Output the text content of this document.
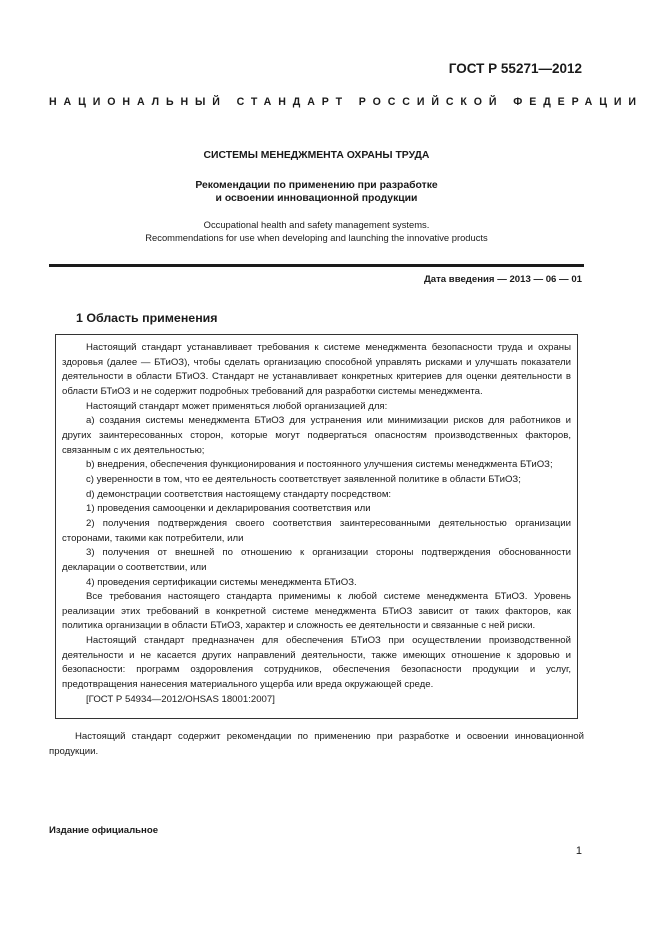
ГОСТ Р 55271—2012
НАЦИОНАЛЬНЫЙ СТАНДАРТ РОССИЙСКОЙ ФЕДЕРАЦИИ
СИСТЕМЫ МЕНЕДЖМЕНТА ОХРАНЫ ТРУДА
Рекомендации по применению при разработке
и освоении инновационной продукции
Occupational health and safety management systems.
Recommendations for use when developing and launching the innovative products
Дата введения — 2013 — 06 — 01
1 Область применения

Настоящий стандарт устанавливает требования к системе менеджмента безопасности труда и охраны здоровья (далее — БТиОЗ), чтобы сделать организацию способной управлять рисками и улучшать показатели деятельности в области БТиОЗ. Стандарт не устанавливает конкретных критериев для оценки деятельности в области БТиОЗ и не содержит подробных требований для разработки системы менеджмента.

Настоящий стандарт может применяться любой организацией для:

a) создания системы менеджмента БТиОЗ для устранения или минимизации рисков для работников и других заинтересованных сторон, которые могут подвергаться опасностям производственных факторов, связанным с их деятельностью;

b) внедрения, обеспечения функционирования и постоянного улучшения системы менеджмента БТиОЗ;

c) уверенности в том, что ее деятельность соответствует заявленной политике в области БТиОЗ;

d) демонстрации соответствия настоящему стандарту посредством:

1) проведения самооценки и декларирования соответствия или

2) получения подтверждения своего соответствия заинтересованными деятельностью организации сторонами, такими как потребители, или

3) получения от внешней по отношению к организации стороны подтверждения обоснованности декларации о соответствии, или

4) проведения сертификации системы менеджмента БТиОЗ.

Все требования настоящего стандарта применимы к любой системе менеджмента БТиОЗ. Уровень реализации этих требований в конкретной системе менеджмента БТиОЗ зависит от таких факторов, как политика организации в области БТиОЗ, характер и сложность ее деятельности и связанные с ней риски.

Настоящий стандарт предназначен для обеспечения БТиОЗ при осуществлении производственной деятельности и не касается других направлений деятельности, также имеющих отношение к здоровью и безопасности: программ оздоровления сотрудников, обеспечения безопасности продукции и услуг, предотвращения нанесения материального ущерба или вреда окружающей среде.

[ГОСТ Р 54934—2012/OHSAS 18001:2007]

Настоящий стандарт содержит рекомендации по применению при разработке и освоении инновационной продукции.

Издание официальное
1
